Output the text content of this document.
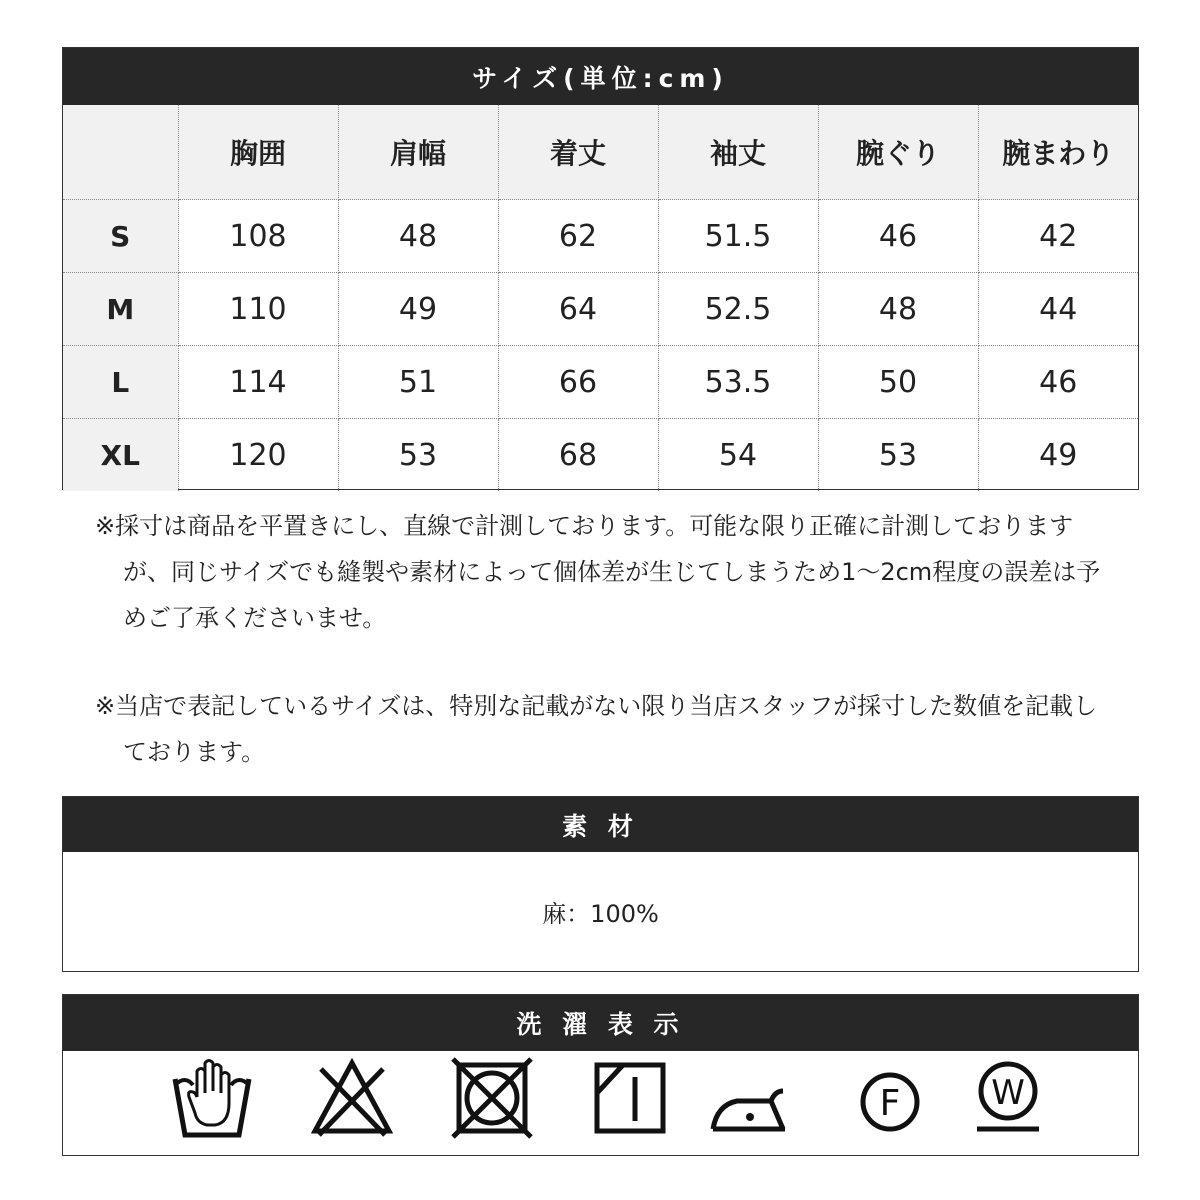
サイズ(単位:cm)
	胸囲	肩幅	着丈	袖丈	腕ぐり	腕まわり
S	108	48	62	51.5	46	42
M	110	49	64	52.5	48	44
L	114	51	66	53.5	50	46
XL	120	53	68	54	53	49

※採寸は商品を平置きにし、直線で計測しております。可能な限り正確に計測しておりますが、同じサイズでも縫製や素材によって個体差が生じてしまうため1〜2cm程度の誤差は予めご了承くださいませ。

※当店で表記しているサイズは、特別な記載がない限り当店スタッフが採寸した数値を記載しております。

素 材
麻：100%
洗 濯 表 示
F	W
